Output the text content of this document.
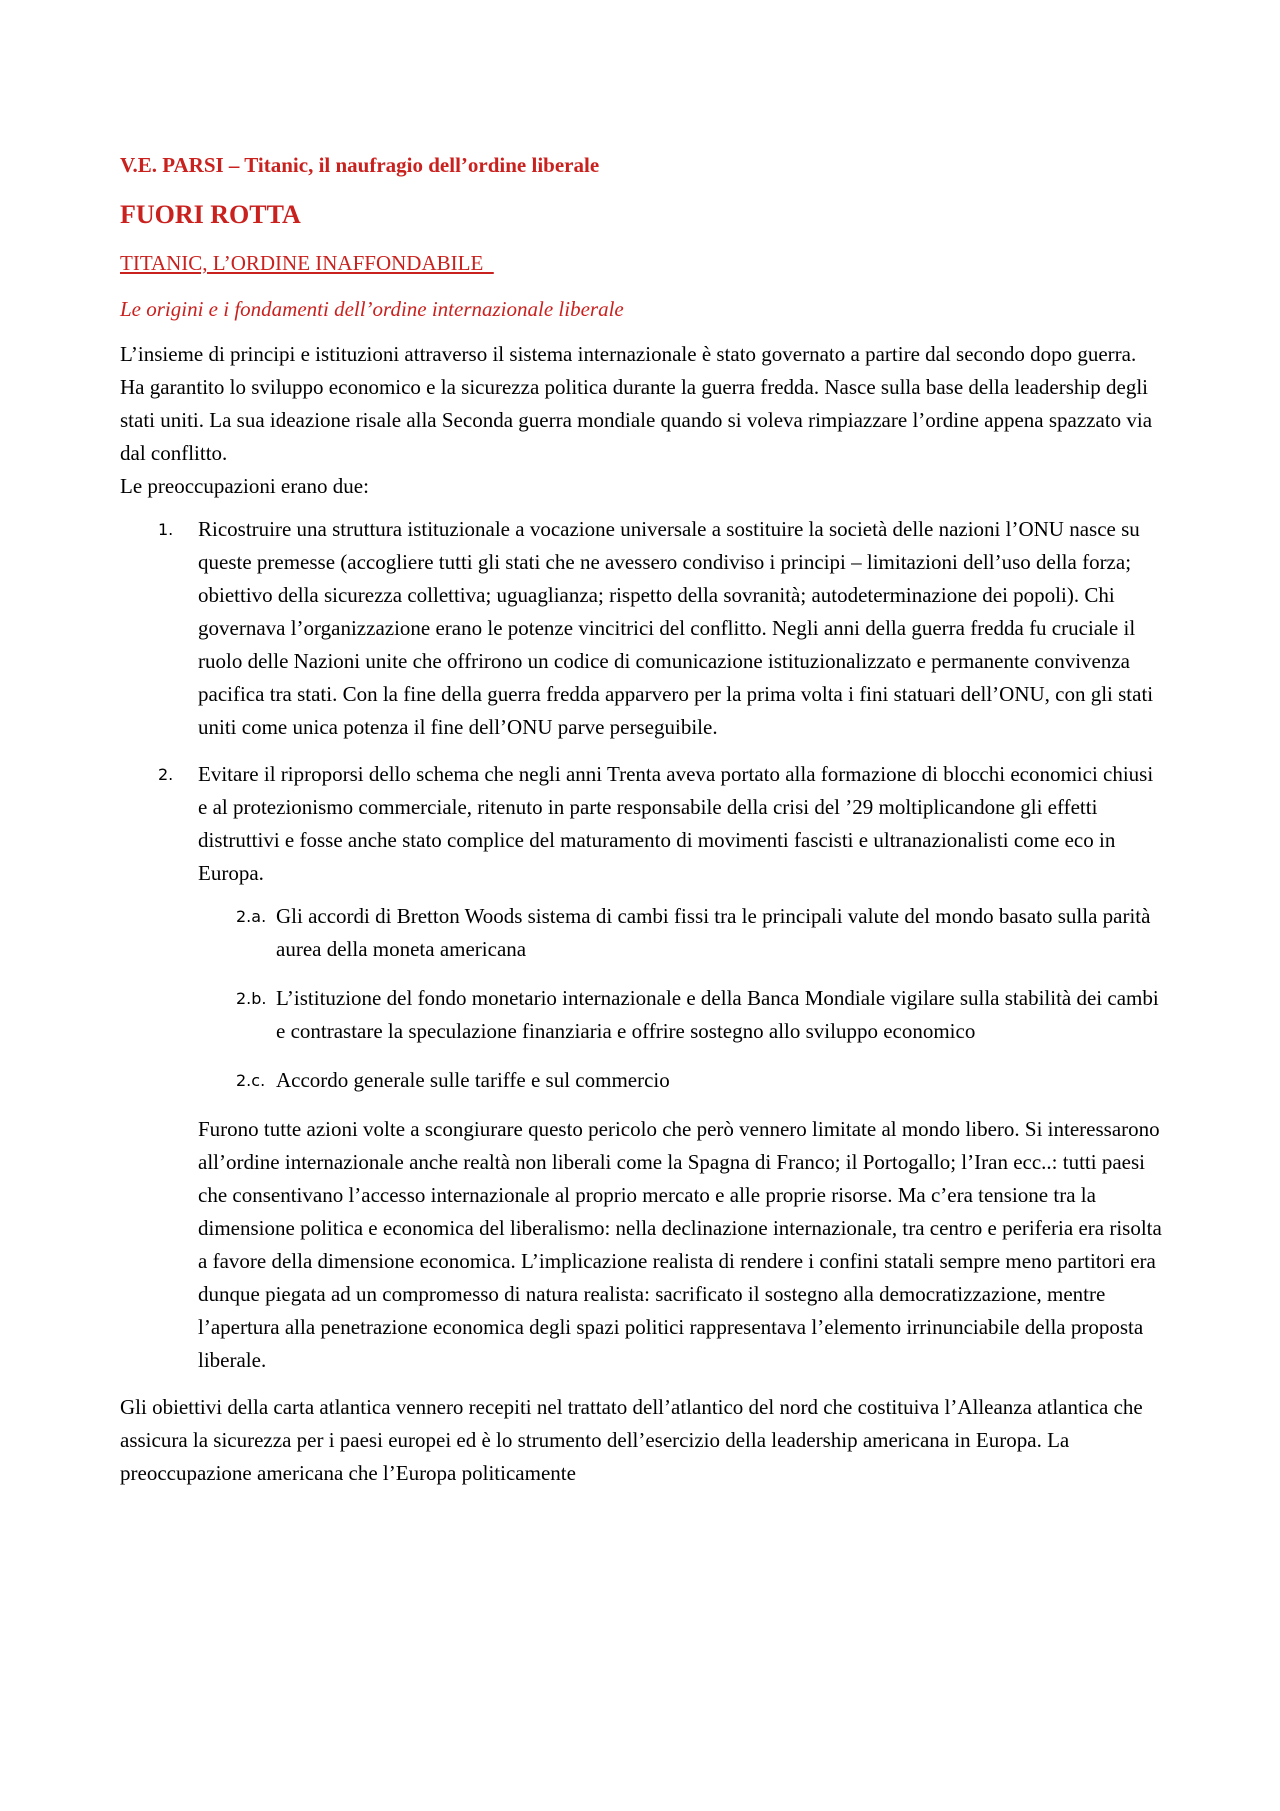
V.E. PARSI – Titanic, il naufragio dell’ordine liberale
FUORI ROTTA
TITANIC, L’ORDINE INAFFONDABILE
Le origini e i fondamenti dell’ordine internazionale liberale
L’insieme di principi e istituzioni attraverso il sistema internazionale è stato governato a partire dal secondo dopo guerra. Ha garantito lo sviluppo economico e la sicurezza politica durante la guerra fredda. Nasce sulla base della leadership degli stati uniti. La sua ideazione risale alla Seconda guerra mondiale quando si voleva rimpiazzare l’ordine appena spazzato via dal conflitto.
Le preoccupazioni erano due:
1. Ricostruire una struttura istituzionale a vocazione universale a sostituire la società delle nazioni l’ONU nasce su queste premesse (accogliere tutti gli stati che ne avessero condiviso i principi – limitazioni dell’uso della forza; obiettivo della sicurezza collettiva; uguaglianza; rispetto della sovranità; autodeterminazione dei popoli). Chi governava l’organizzazione erano le potenze vincitrici del conflitto. Negli anni della guerra fredda fu cruciale il ruolo delle Nazioni unite che offrirono un codice di comunicazione istituzionalizzato e permanente convivenza pacifica tra stati. Con la fine della guerra fredda apparvero per la prima volta i fini statuari dell’ONU, con gli stati uniti come unica potenza il fine dell’ONU parve perseguibile.
2. Evitare il riproporsi dello schema che negli anni Trenta aveva portato alla formazione di blocchi economici chiusi e al protezionismo commerciale, ritenuto in parte responsabile della crisi del ’29 moltiplicandone gli effetti distruttivi e fosse anche stato complice del maturamento di movimenti fascisti e ultranazionalisti come eco in Europa.
2.a. Gli accordi di Bretton Woods sistema di cambi fissi tra le principali valute del mondo basato sulla parità aurea della moneta americana
2.b. L’istituzione del fondo monetario internazionale e della Banca Mondiale vigilare sulla stabilità dei cambi e contrastare la speculazione finanziaria e offrire sostegno allo sviluppo economico
2.c. Accordo generale sulle tariffe e sul commercio
Furono tutte azioni volte a scongiurare questo pericolo che però vennero limitate al mondo libero. Si interessarono all’ordine internazionale anche realtà non liberali come la Spagna di Franco; il Portogallo; l’Iran ecc..: tutti paesi che consentivano l’accesso internazionale al proprio mercato e alle proprie risorse. Ma c’era tensione tra la dimensione politica e economica del liberalismo: nella declinazione internazionale, tra centro e periferia era risolta a favore della dimensione economica. L’implicazione realista di rendere i confini statali sempre meno partitori era dunque piegata ad un compromesso di natura realista: sacrificato il sostegno alla democratizzazione, mentre l’apertura alla penetrazione economica degli spazi politici rappresentava l’elemento irrinunciabile della proposta liberale.
Gli obiettivi della carta atlantica vennero recepiti nel trattato dell’atlantico del nord che costituiva l’Alleanza atlantica che assicura la sicurezza per i paesi europei ed è lo strumento dell’esercizio della leadership americana in Europa. La preoccupazione americana che l’Europa politicamente
